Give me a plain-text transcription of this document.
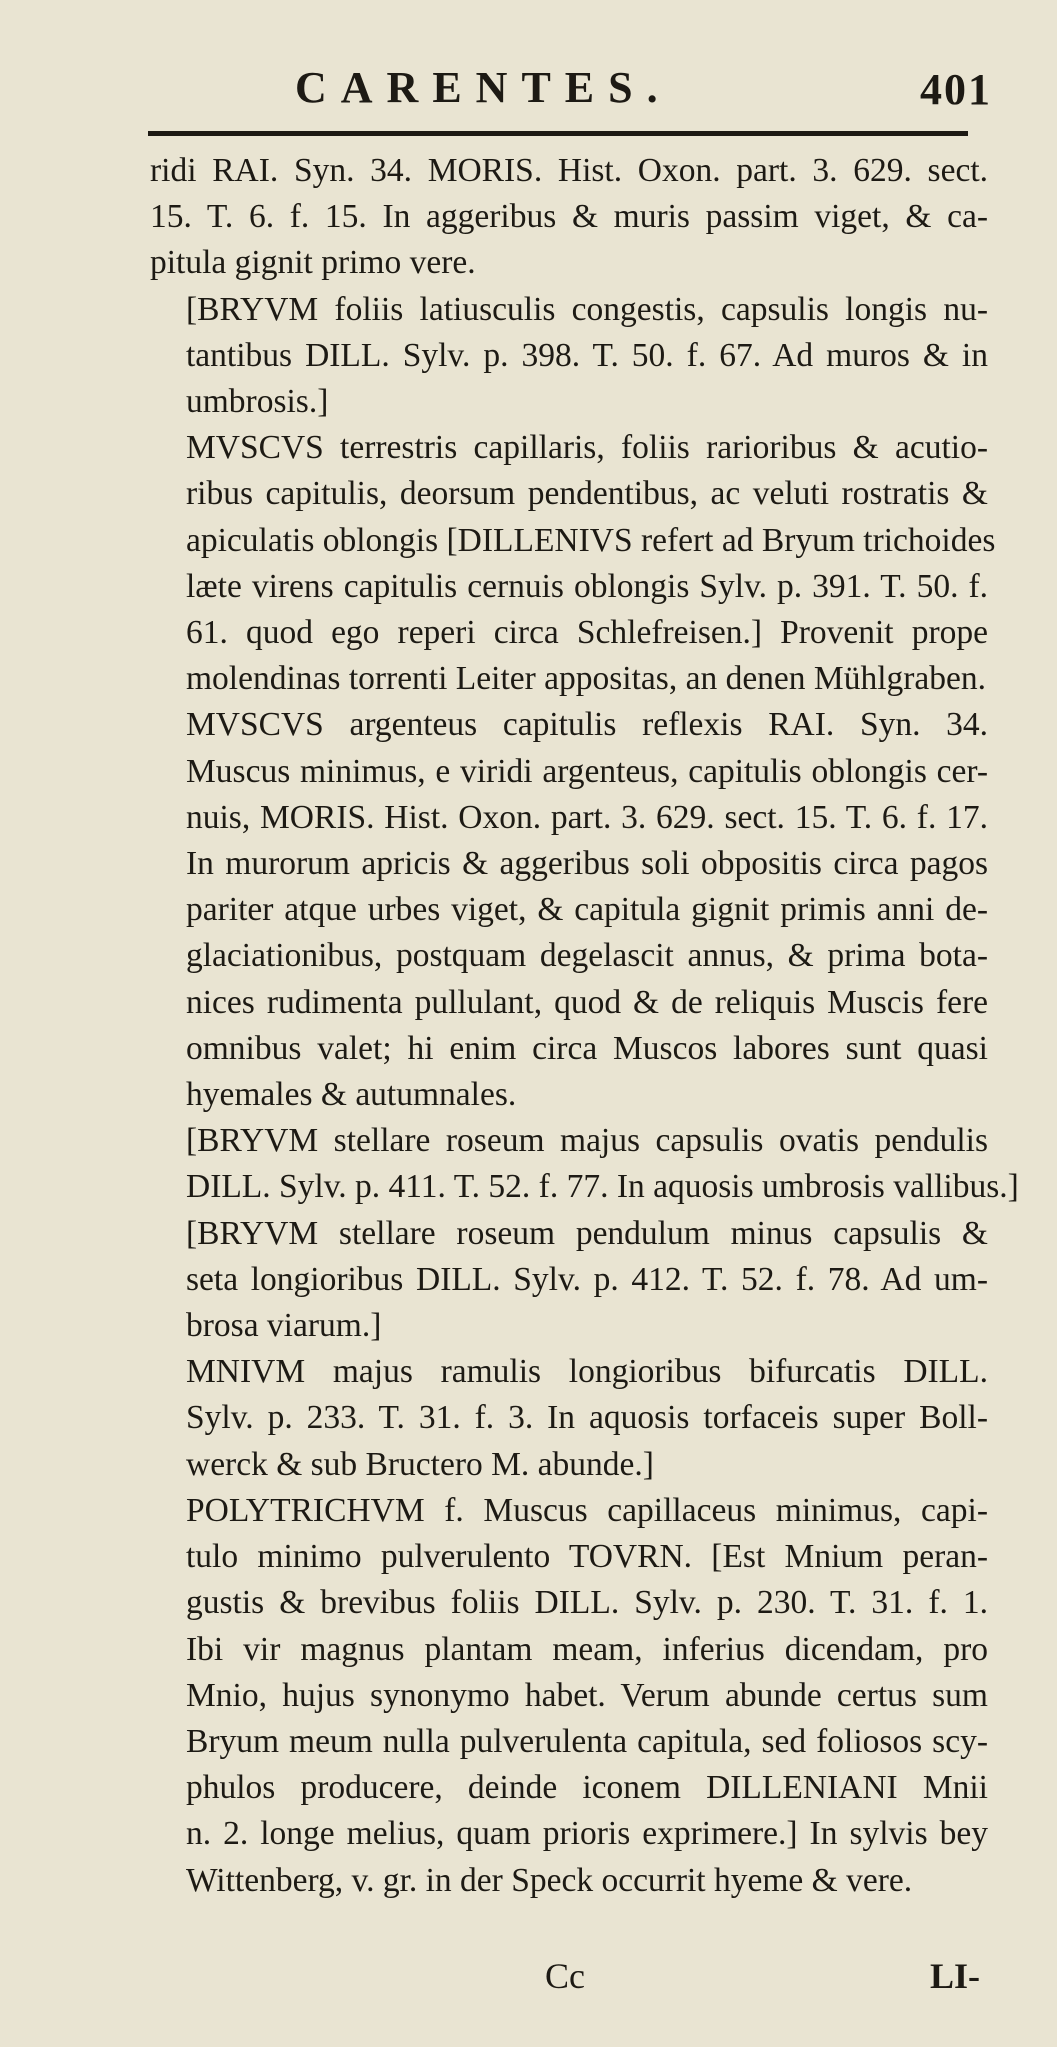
CARENTES.	401
ridi RAI. Syn. 34. MORIS. Hist. Oxon. part. 3. 629. sect.
15. T. 6. f. 15. In aggeribus & muris passim viget, & ca-
pitula gignit primo vere.
[BRYVM foliis latiusculis congestis, capsulis longis nu-
tantibus DILL. Sylv. p. 398. T. 50. f. 67. Ad muros & in
umbrosis.]
MVSCVS terrestris capillaris, foliis rarioribus & acutio-
ribus capitulis, deorsum pendentibus, ac veluti rostratis &
apiculatis oblongis [DILLENIVS refert ad Bryum trichoides
læte virens capitulis cernuis oblongis Sylv. p. 391. T. 50. f.
61. quod ego reperi circa Schlefreisen.] Provenit prope
molendinas torrenti Leiter appositas, an denen Mühlgraben.
MVSCVS argenteus capitulis reflexis RAI. Syn. 34.
Muscus minimus, e viridi argenteus, capitulis oblongis cer-
nuis, MORIS. Hist. Oxon. part. 3. 629. sect. 15. T. 6. f. 17.
In murorum apricis & aggeribus soli obpositis circa pagos
pariter atque urbes viget, & capitula gignit primis anni de-
glaciationibus, postquam degelascit annus, & prima bota-
nices rudimenta pullulant, quod & de reliquis Muscis fere
omnibus valet; hi enim circa Muscos labores sunt quasi
hyemales & autumnales.
[BRYVM stellare roseum majus capsulis ovatis pendulis
DILL. Sylv. p. 411. T. 52. f. 77. In aquosis umbrosis vallibus.]
[BRYVM stellare roseum pendulum minus capsulis &
seta longioribus DILL. Sylv. p. 412. T. 52. f. 78. Ad um-
brosa viarum.]
MNIVM majus ramulis longioribus bifurcatis DILL.
Sylv. p. 233. T. 31. f. 3. In aquosis torfaceis super Boll-
werck & sub Bructero M. abunde.]
POLYTRICHVM f. Muscus capillaceus minimus, capi-
tulo minimo pulverulento TOVRN. [Est Mnium peran-
gustis & brevibus foliis DILL. Sylv. p. 230. T. 31. f. 1.
Ibi vir magnus plantam meam, inferius dicendam, pro
Mnio, hujus synonymo habet. Verum abunde certus sum
Bryum meum nulla pulverulenta capitula, sed foliosos scy-
phulos producere, deinde iconem DILLENIANI Mnii
n. 2. longe melius, quam prioris exprimere.] In sylvis bey
Wittenberg, v. gr. in der Speck occurrit hyeme & vere.
Cc	LI-
